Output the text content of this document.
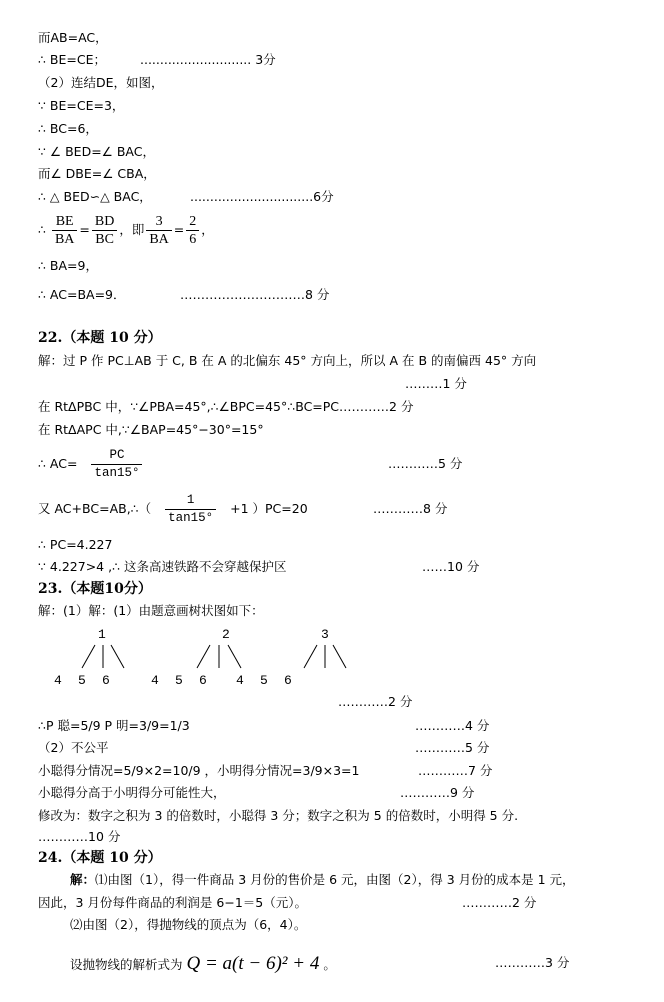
而AB=AC，
∴ BE=CE；	............................ 3分
（2）连结DE，如图，
∵ BE=CE=3，
∴ BC=6，
∵ ∠ BED=∠ BAC，
而∠ DBE=∠ CBA，
∴ △ BED∽△ BAC，	...............................6分
∴ $\frac{BE}{BA} = \frac{BD}{BC}$ ，即 $\frac{3}{BA} = \frac{2}{6}$ ，
∴ BA=9，
∴ AC=BA=9．	…………………………8 分
22.（本题 10 分）
解：过 P 作 PC⊥AB 于 C, B 在 A 的北偏东 45° 方向上，所以 A 在 B 的南偏西 45° 方向
………1 分
在 RtΔPBC 中，∵∠PBA=45°,∴∠BPC=45°∴BC=PC…………2 分
在 RtΔAPC 中,∵∠BAP=45°−30°=15°
∴ $AC= \frac{PC}{\tan 15^\circ}$	…………5 分
又 AC+BC=AB,∴（ $\frac{1}{\tan 15^\circ} +1$ ）PC=20	…………8 分
∴ PC=4.227
∵ 4.227>4 ,∴ 这条高速铁路不会穿越保护区	……10 分
23.（本题10分）
解：(1）解：(1）由题意画树状图如下：
1	2	3
4 5 6	4 5 6 4 5 6
…………2 分
∴P 聪=5/9 P 明=3/9=1/3	…………4 分
（2）不公平	…………5 分
小聪得分情况=5/9×2=10/9 ，小明得分情况=3/9×3=1	…………7 分
小聪得分高于小明得分可能性大，	…………9 分
修改为：数字之积为 3 的倍数时，小聪得 3 分；数字之积为 5 的倍数时，小明得 5 分.
…………10 分
24.（本题 10 分）
解：⑴由图（1），得一件商品 3 月份的售价是 6 元，由图（2），得 3 月份的成本是 1 元，
因此，3 月份每件商品的利润是 6−1＝5（元）。	…………2 分
⑵由图（2），得抛物线的顶点为（6，4）。
设抛物线的解析式为 Q = a(t − 6)² + 4 。	…………3 分
